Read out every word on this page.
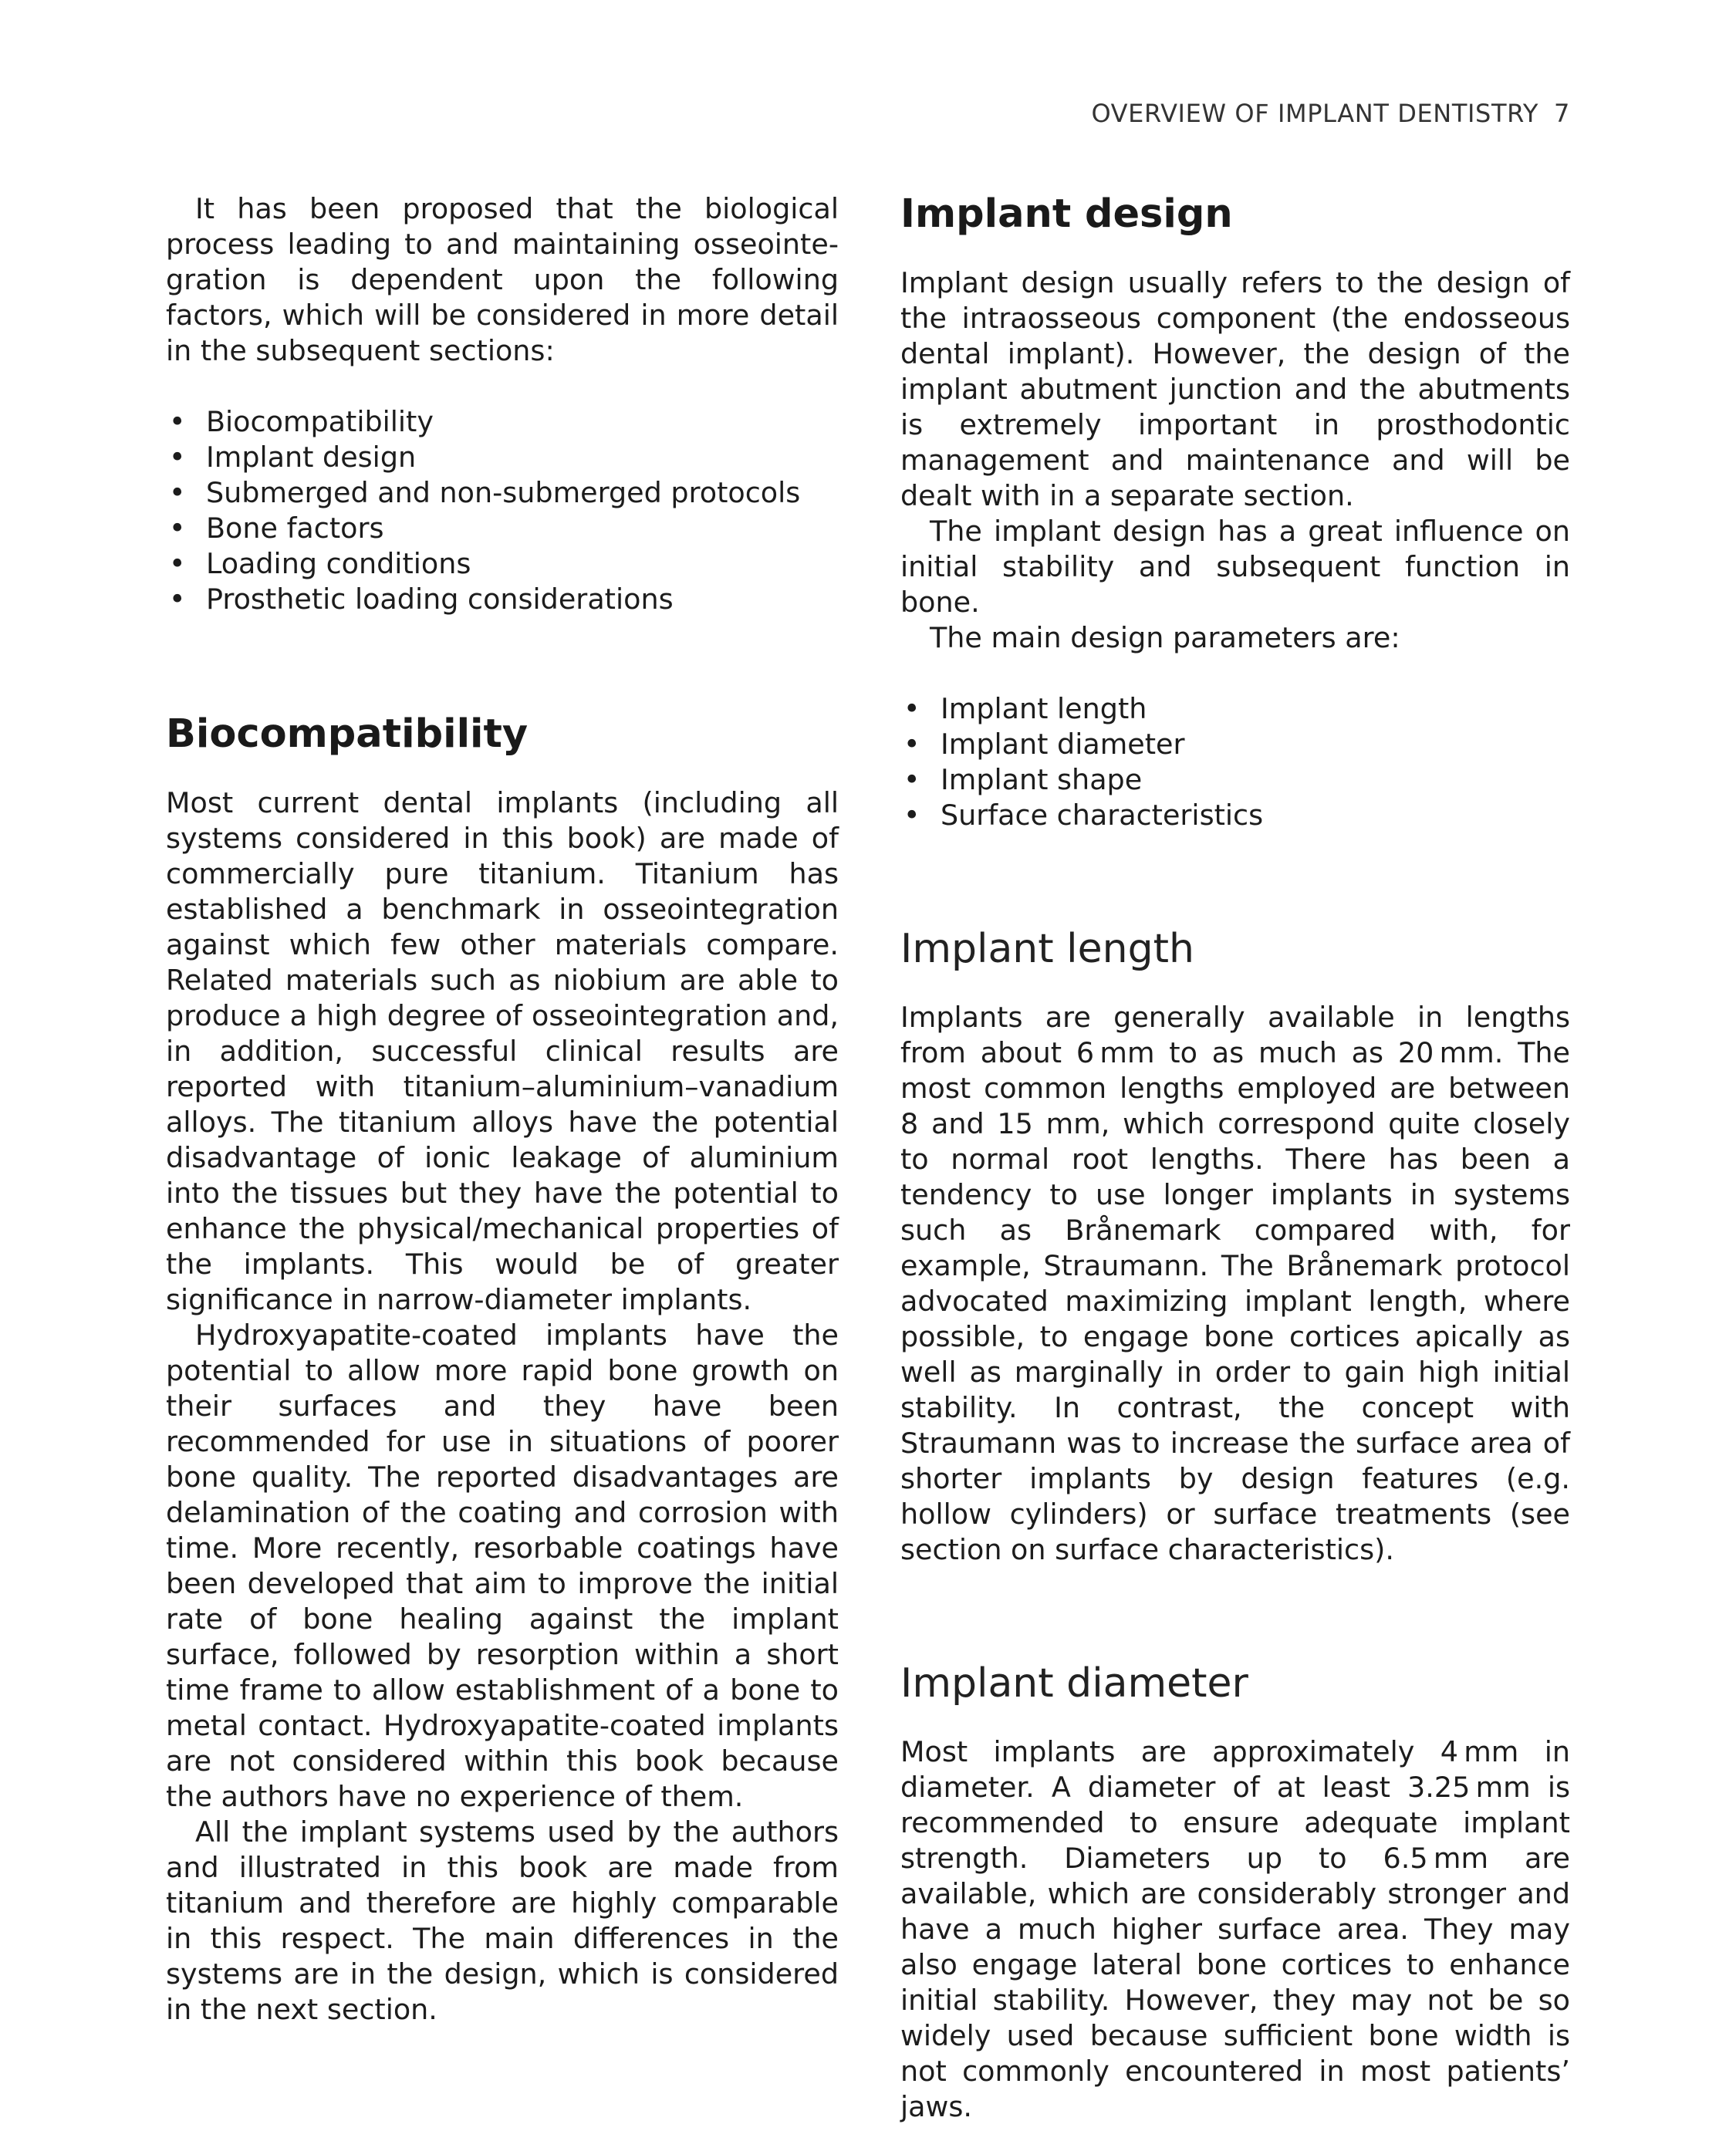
OVERVIEW OF IMPLANT DENTISTRY 7

It has been proposed that the biological process leading to and maintaining osseointegration is dependent upon the following factors, which will be considered in more detail in the subsequent sections:

• Biocompatibility
• Implant design
• Submerged and non-submerged protocols
• Bone factors
• Loading conditions
• Prosthetic loading considerations
Biocompatibility

Most current dental implants (including all systems considered in this book) are made of commercially pure titanium. Titanium has established a benchmark in osseointegration against which few other materials compare. Related materials such as niobium are able to produce a high degree of osseointegration and, in addition, successful clinical results are reported with titanium–aluminium–vanadium alloys. The titanium alloys have the potential disadvantage of ionic leakage of aluminium into the tissues but they have the potential to enhance the physical/mechanical properties of the implants. This would be of greater significance in narrow-diameter implants.

Hydroxyapatite-coated implants have the potential to allow more rapid bone growth on their surfaces and they have been recommended for use in situations of poorer bone quality. The reported disadvantages are delamination of the coating and corrosion with time. More recently, resorbable coatings have been developed that aim to improve the initial rate of bone healing against the implant surface, followed by resorption within a short time frame to allow establishment of a bone to metal contact. Hydroxyapatite-coated implants are not considered within this book because the authors have no experience of them.

All the implant systems used by the authors and illustrated in this book are made from titanium and therefore are highly comparable in this respect. The main differences in the systems are in the design, which is considered in the next section.

Implant design

Implant design usually refers to the design of the intraosseous component (the endosseous dental implant). However, the design of the implant abutment junction and the abutments is extremely important in prosthodontic management and maintenance and will be dealt with in a separate section.

The implant design has a great influence on initial stability and subsequent function in bone.

The main design parameters are:

• Implant length
• Implant diameter
• Implant shape
• Surface characteristics
Implant length

Implants are generally available in lengths from about 6 mm to as much as 20 mm. The most common lengths employed are between 8 and 15 mm, which correspond quite closely to normal root lengths. There has been a tendency to use longer implants in systems such as Brånemark compared with, for example, Straumann. The Brånemark protocol advocated maximizing implant length, where possible, to engage bone cortices apically as well as marginally in order to gain high initial stability. In contrast, the concept with Straumann was to increase the surface area of shorter implants by design features (e.g. hollow cylinders) or surface treatments (see section on surface characteristics).

Implant diameter

Most implants are approximately 4 mm in diameter. A diameter of at least 3.25 mm is recommended to ensure adequate implant strength. Diameters up to 6.5 mm are available, which are considerably stronger and have a much higher surface area. They may also engage lateral bone cortices to enhance initial stability. However, they may not be so widely used because sufficient bone width is not commonly encountered in most patients’ jaws.
